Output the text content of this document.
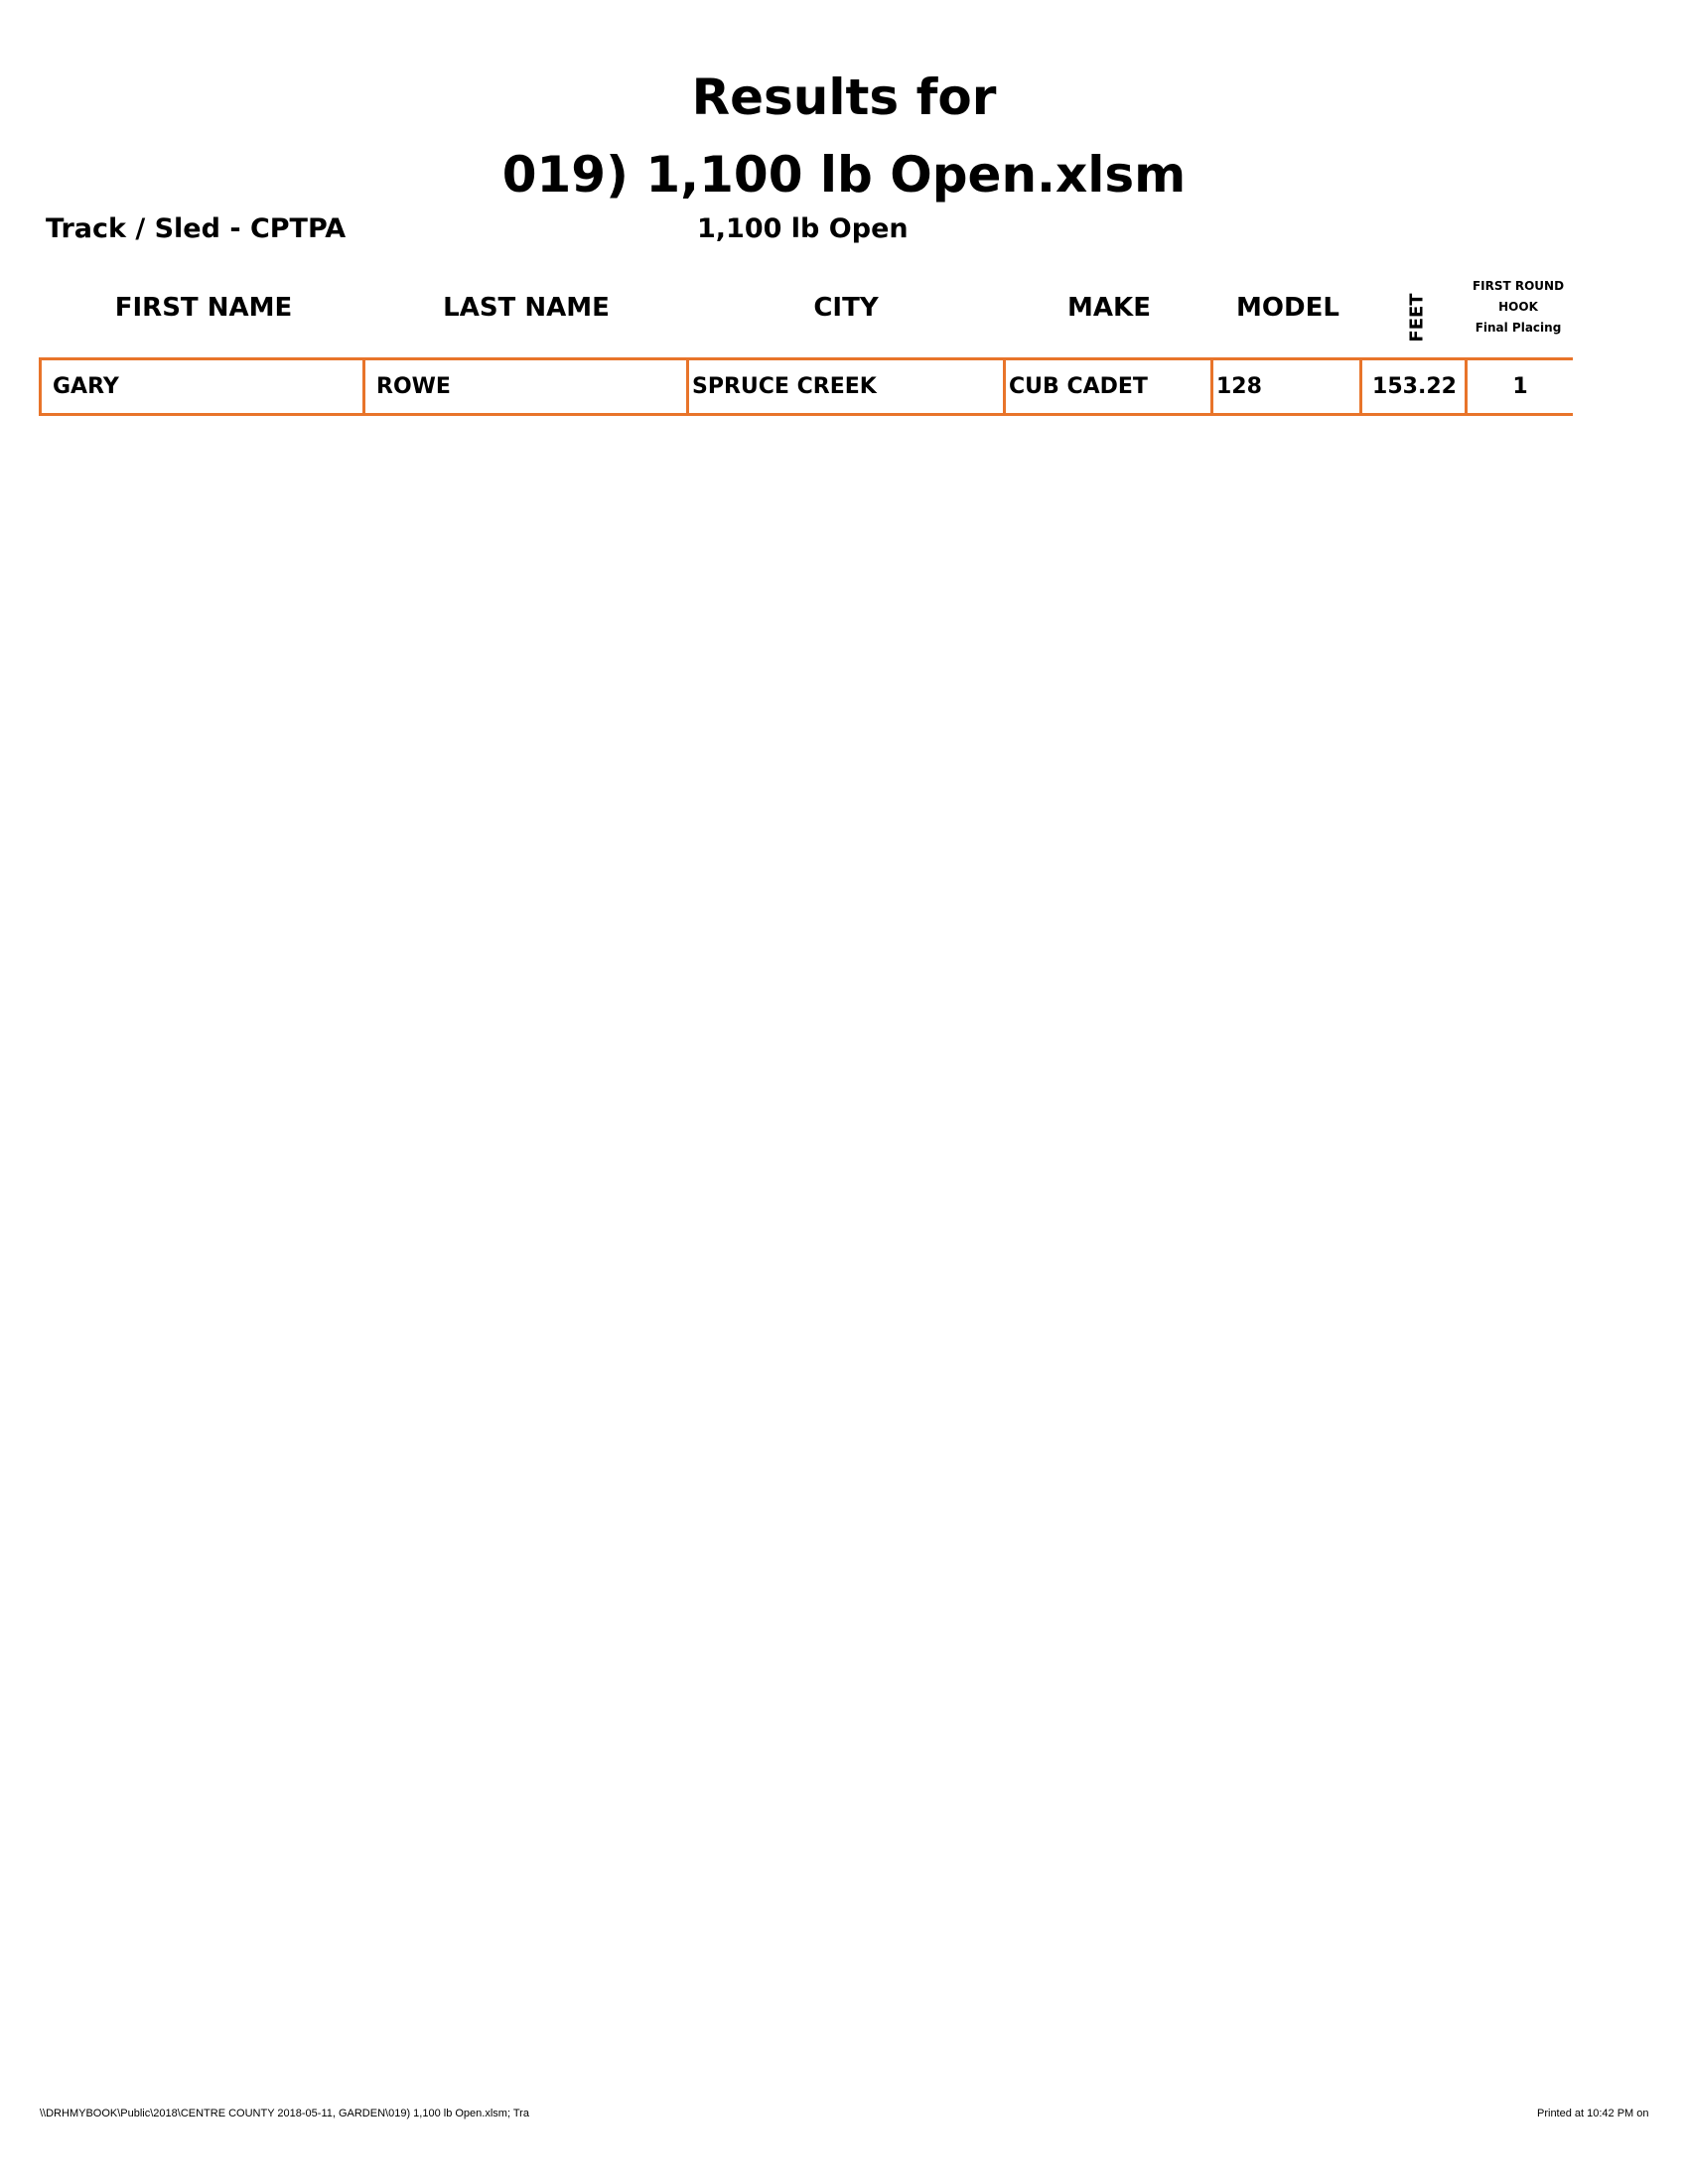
Results for
019) 1,100 lb Open.xlsm
Track / Sled - CPTPA	1,100 lb Open
FIRST NAME	LAST NAME	CITY	MAKE	MODEL	FEET
FIRST ROUND
HOOK
Final Placing
GARY	ROWE	SPRUCE CREEK	CUB CADET	128	153.22	1
\\DRHMYBOOK\Public\2018\CENTRE COUNTY 2018-05-11, GARDEN\019) 1,100 lb Open.xlsm; Tra	Printed at 10:42 PM on
